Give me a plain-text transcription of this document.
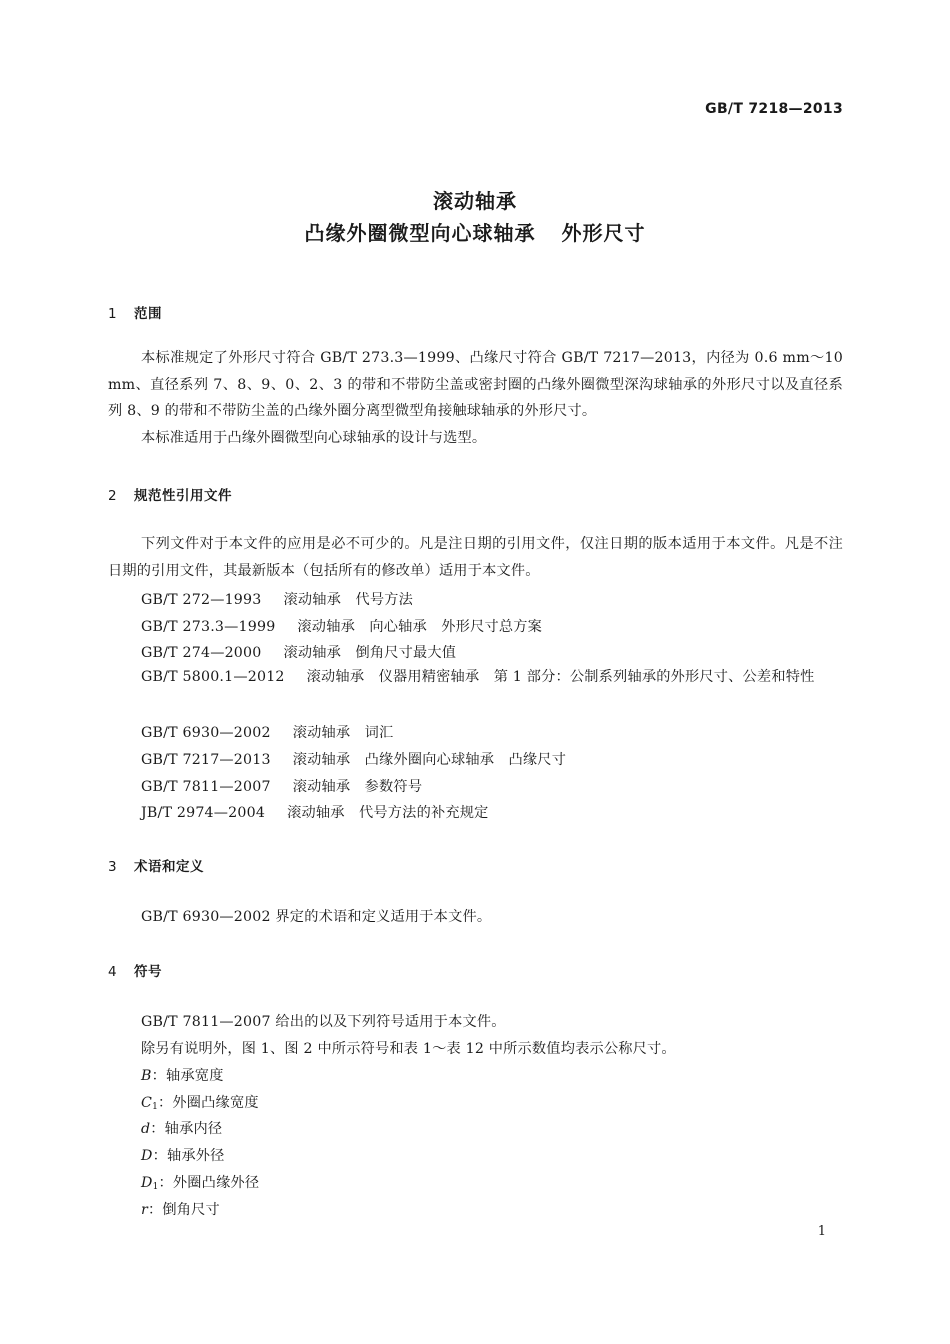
GB/T 7218—2013
滚动轴承
凸缘外圈微型向心球轴承 外形尺寸
1 范围
本标准规定了外形尺寸符合 GB/T 273.3—1999、凸缘尺寸符合 GB/T 7217—2013，内径为 0.6 mm～10 mm、直径系列 7、8、9、0、2、3 的带和不带防尘盖或密封圈的凸缘外圈微型深沟球轴承的外形尺寸以及直径系列 8、9 的带和不带防尘盖的凸缘外圈分离型微型角接触球轴承的外形尺寸。
本标准适用于凸缘外圈微型向心球轴承的设计与选型。
2 规范性引用文件
下列文件对于本文件的应用是必不可少的。凡是注日期的引用文件，仅注日期的版本适用于本文件。凡是不注日期的引用文件，其最新版本（包括所有的修改单）适用于本文件。
GB/T 272—1993 滚动轴承　代号方法
GB/T 273.3—1999 滚动轴承　向心轴承　外形尺寸总方案
GB/T 274—2000 滚动轴承　倒角尺寸最大值
GB/T 5800.1—2012 滚动轴承　仪器用精密轴承　第 1 部分：公制系列轴承的外形尺寸、公差和特性
GB/T 6930—2002 滚动轴承　词汇
GB/T 7217—2013 滚动轴承　凸缘外圈向心球轴承　凸缘尺寸
GB/T 7811—2007 滚动轴承　参数符号
JB/T 2974—2004 滚动轴承　代号方法的补充规定
3 术语和定义
GB/T 6930—2002 界定的术语和定义适用于本文件。
4 符号
GB/T 7811—2007 给出的以及下列符号适用于本文件。
除另有说明外，图 1、图 2 中所示符号和表 1～表 12 中所示数值均表示公称尺寸。
B：轴承宽度
$C_1$：外圈凸缘宽度
d：轴承内径
D：轴承外径
$D_1$：外圈凸缘外径
r：倒角尺寸
1
